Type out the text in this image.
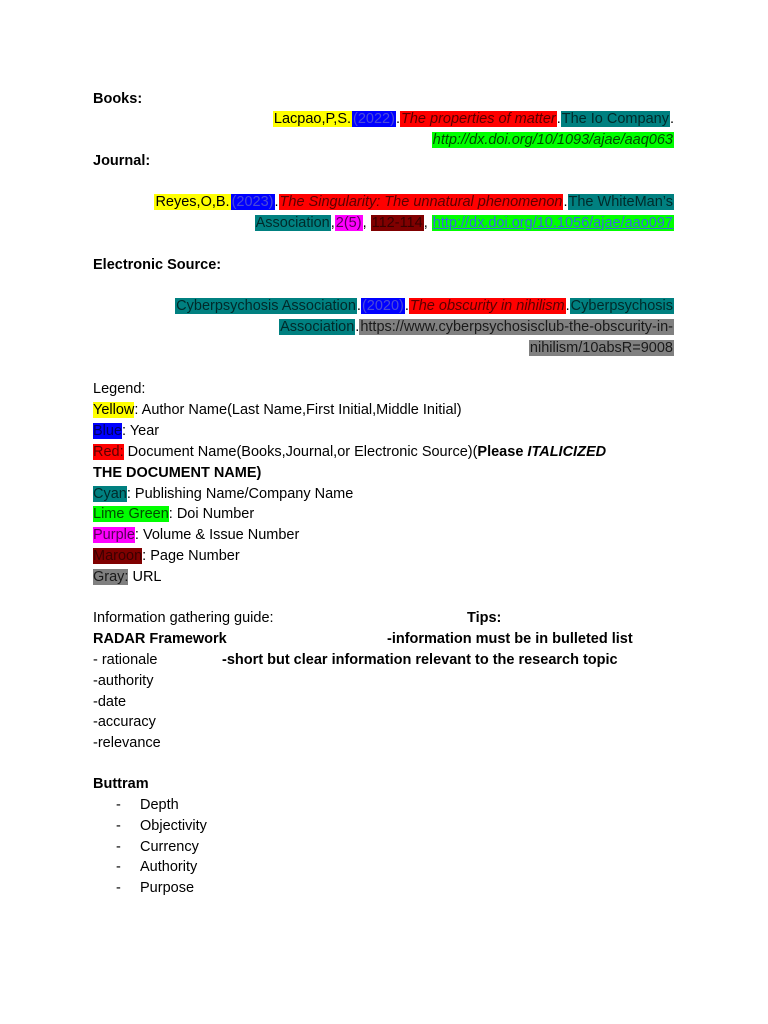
Books:
Lacpao,P,S. (2022).The properties of matter.The Io Company.
http://dx.doi.org/10/1093/ajae/aaq063
Journal:
Reyes,O,B. (2023).The Singularity: The unnatural phenomenon.The WhiteMan’s
Association,2(5), 112-114, http://dx.doi.org/10.1056/ajae/aao097
Electronic Source:
Cyberpsychosis Association.(2020).The obscurity in nihilism.Cyberpsychosis
Association.https://www.cyberpsychosisclub-the-obscurity-in-
nihilism/10absR=9008
Legend:
Yellow: Author Name(Last Name,First Initial,Middle Initial)
Blue: Year
Red: Document Name(Books,Journal,or Electronic Source)(Please ITALICIZED
THE DOCUMENT NAME)
Cyan: Publishing Name/Company Name
Lime Green: Doi Number
Purple: Volume & Issue Number
Maroon: Page Number
Gray: URL
Information gathering guide:	Tips:
RADAR Framework	-information must be in bulleted list
- rationale	-short but clear information relevant to the research topic
-authority
-date
-accuracy
-relevance
Buttram
- Depth
- Objectivity
- Currency
- Authority
- Purpose
